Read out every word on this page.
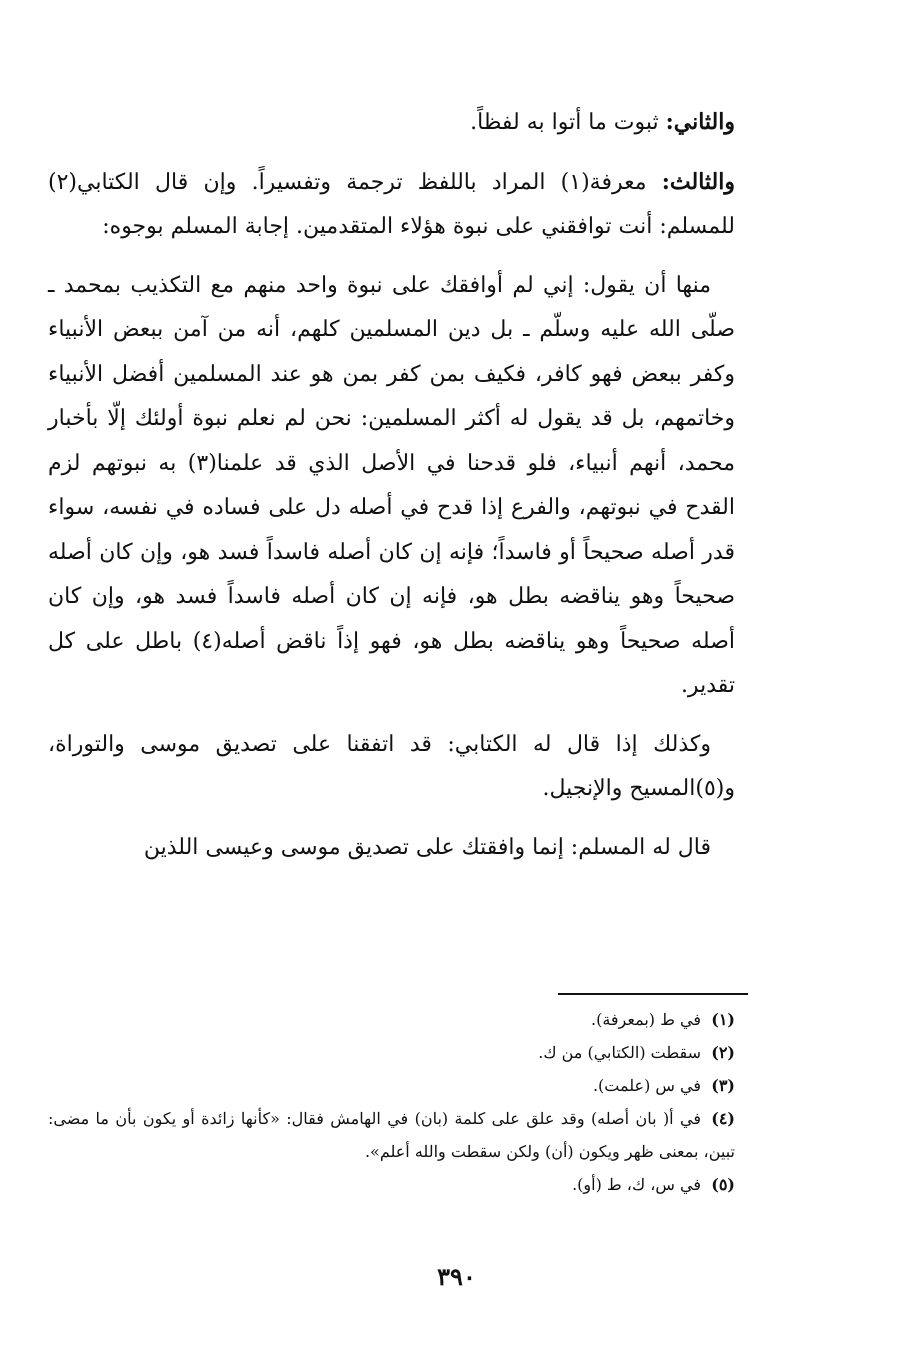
والثاني: ثبوت ما أتوا به لفظاً.

والثالث: معرفة(١) المراد باللفظ ترجمة وتفسيراً. وإن قال الكتابي(٢) للمسلم: أنت توافقني على نبوة هؤلاء المتقدمين. إجابة المسلم بوجوه:

منها أن يقول: إني لم أوافقك على نبوة واحد منهم مع التكذيب بمحمد ـ صلّى الله عليه وسلّم ـ بل دين المسلمين كلهم، أنه من آمن ببعض الأنبياء وكفر ببعض فهو كافر، فكيف بمن كفر بمن هو عند المسلمين أفضل الأنبياء وخاتمهم، بل قد يقول له أكثر المسلمين: نحن لم نعلم نبوة أولئك إلّا بأخبار محمد، أنهم أنبياء، فلو قدحنا في الأصل الذي قد علمنا(٣) به نبوتهم لزم القدح في نبوتهم، والفرع إذا قدح في أصله دل على فساده في نفسه، سواء قدر أصله صحيحاً أو فاسداً؛ فإنه إن كان أصله فاسداً فسد هو، وإن كان أصله صحيحاً وهو يناقضه بطل هو، فإنه إن كان أصله فاسداً فسد هو، وإن كان أصله صحيحاً وهو يناقضه بطل هو، فهو إذاً ناقض أصله(٤) باطل على كل تقدير.

وكذلك إذا قال له الكتابي: قد اتفقنا على تصديق موسى والتوراة، و(٥)المسيح والإنجيل.

قال له المسلم: إنما وافقتك على تصديق موسى وعيسى اللذين

(١)في ط (بمعرفة).

(٢)سقطت (الكتابي) من ك.

(٣)في س (علمت).

(٤)في أ( بان أصله) وقد علق على كلمة (بان) في الهامش فقال: «كأنها زائدة أو يكون بأن ما مضى: تبين، بمعنى ظهر ويكون (أن) ولكن سقطت والله أعلم».

(٥)في س، ك، ط (أو).

٣٩٠
